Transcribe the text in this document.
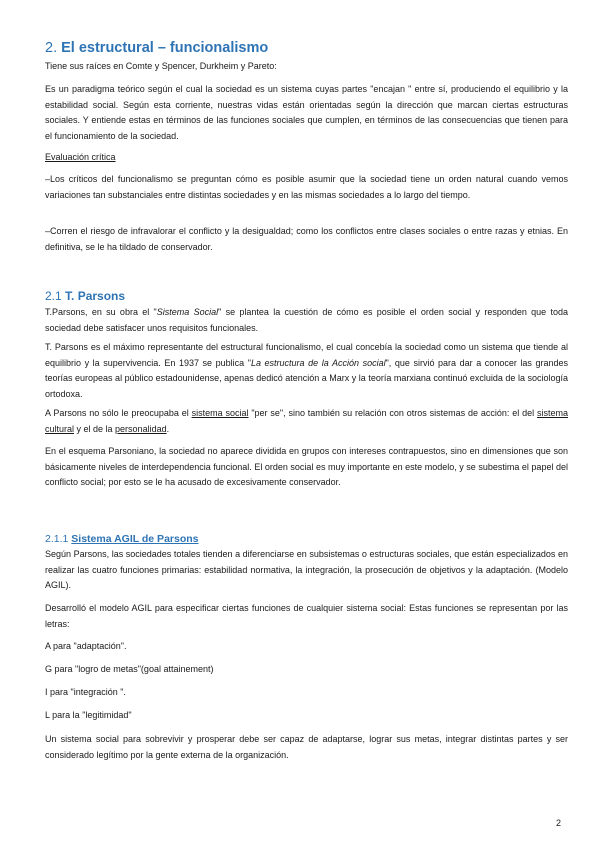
2. El estructural – funcionalismo

Tiene sus raíces en Comte y Spencer, Durkheim y Pareto:

Es un paradigma teórico según el cual la sociedad es un sistema cuyas partes "encajan " entre sí, produciendo el equilibrio y la estabilidad social. Según esta corriente, nuestras vidas están orientadas según la dirección que marcan ciertas estructuras sociales. Y entiende estas en términos de las funciones sociales que cumplen, en términos de las consecuencias que tienen para el funcionamiento de la sociedad.

Evaluación crítica

–Los críticos del funcionalismo se preguntan cómo es posible asumir que la sociedad tiene un orden natural cuando vemos variaciones tan substanciales entre distintas sociedades y en las mismas sociedades a lo largo del tiempo.

–Corren el riesgo de infravalorar el conflicto y la desigualdad; como los conflictos entre clases sociales o entre razas y etnias. En definitiva, se le ha tildado de conservador.

2.1 T. Parsons

T.Parsons, en su obra el "Sistema Social" se plantea la cuestión de cómo es posible el orden social y responden que toda sociedad debe satisfacer unos requisitos funcionales.

T. Parsons es el máximo representante del estructural funcionalismo, el cual concebía la sociedad como un sistema que tiende al equilibrio y la supervivencia. En 1937 se publica "La estructura de la Acción social", que sirvió para dar a conocer las grandes teorías europeas al público estadounidense, apenas dedicó atención a Marx y la teoría marxiana continuó excluida de la sociología ortodoxa.

A Parsons no sólo le preocupaba el sistema social "per se", sino también su relación con otros sistemas de acción: el del sistema cultural y el de la personalidad.

En el esquema Parsoniano, la sociedad no aparece dividida en grupos con intereses contrapuestos, sino en dimensiones que son básicamente niveles de interdependencia funcional. El orden social es muy importante en este modelo, y se subestima el papel del conflicto social; por esto se le ha acusado de excesivamente conservador.

2.1.1 Sistema AGIL de Parsons

Según Parsons, las sociedades totales tienden a diferenciarse en subsistemas o estructuras sociales, que están especializados en realizar las cuatro funciones primarias: estabilidad normativa, la integración, la prosecución de objetivos y la adaptación. (Modelo AGIL).

Desarrolló el modelo AGIL para especificar ciertas funciones de cualquier sistema social: Estas funciones se representan por las letras:

A para "adaptación".

G para "logro de metas"(goal attainement)

I para "integración ".

L para la "legitimidad"

Un sistema social para sobrevivir y prosperar debe ser capaz de adaptarse, lograr sus metas, integrar distintas partes y ser considerado legítimo por la gente externa de la organización.

2
